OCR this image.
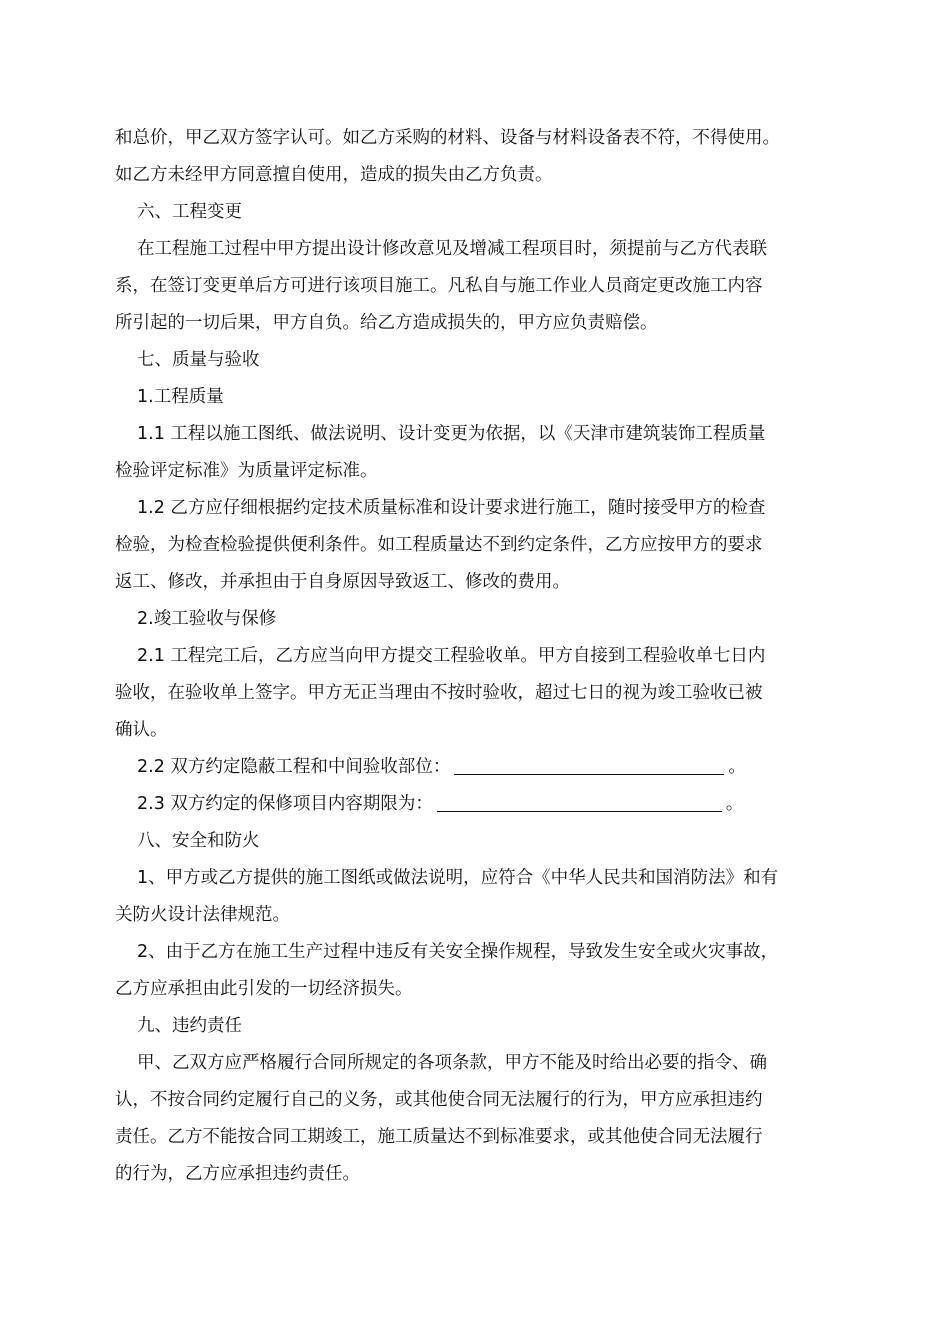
和总价，甲乙双方签字认可。如乙方采购的材料、设备与材料设备表不符，不得使用。
如乙方未经甲方同意擅自使用，造成的损失由乙方负责。
六、工程变更
在工程施工过程中甲方提出设计修改意见及增减工程项目时，须提前与乙方代表联
系，在签订变更单后方可进行该项目施工。凡私自与施工作业人员商定更改施工内容
所引起的一切后果，甲方自负。给乙方造成损失的，甲方应负责赔偿。
七、质量与验收
1.工程质量
1.1 工程以施工图纸、做法说明、设计变更为依据，以《天津市建筑装饰工程质量
检验评定标准》为质量评定标准。
1.2 乙方应仔细根据约定技术质量标准和设计要求进行施工，随时接受甲方的检查
检验，为检查检验提供便利条件。如工程质量达不到约定条件，乙方应按甲方的要求
返工、修改，并承担由于自身原因导致返工、修改的费用。
2.竣工验收与保修
2.1 工程完工后，乙方应当向甲方提交工程验收单。甲方自接到工程验收单七日内
验收，在验收单上签字。甲方无正当理由不按时验收，超过七日的视为竣工验收已被
确认。
2.2 双方约定隐蔽工程和中间验收部位：	。
2.3 双方约定的保修项目内容期限为：	。
八、安全和防火
1、甲方或乙方提供的施工图纸或做法说明，应符合《中华人民共和国消防法》和有
关防火设计法律规范。
2、由于乙方在施工生产过程中违反有关安全操作规程，导致发生安全或火灾事故，
乙方应承担由此引发的一切经济损失。
九、违约责任
甲、乙双方应严格履行合同所规定的各项条款，甲方不能及时给出必要的指令、确
认，不按合同约定履行自己的义务，或其他使合同无法履行的行为，甲方应承担违约
责任。乙方不能按合同工期竣工，施工质量达不到标准要求，或其他使合同无法履行
的行为，乙方应承担违约责任。
